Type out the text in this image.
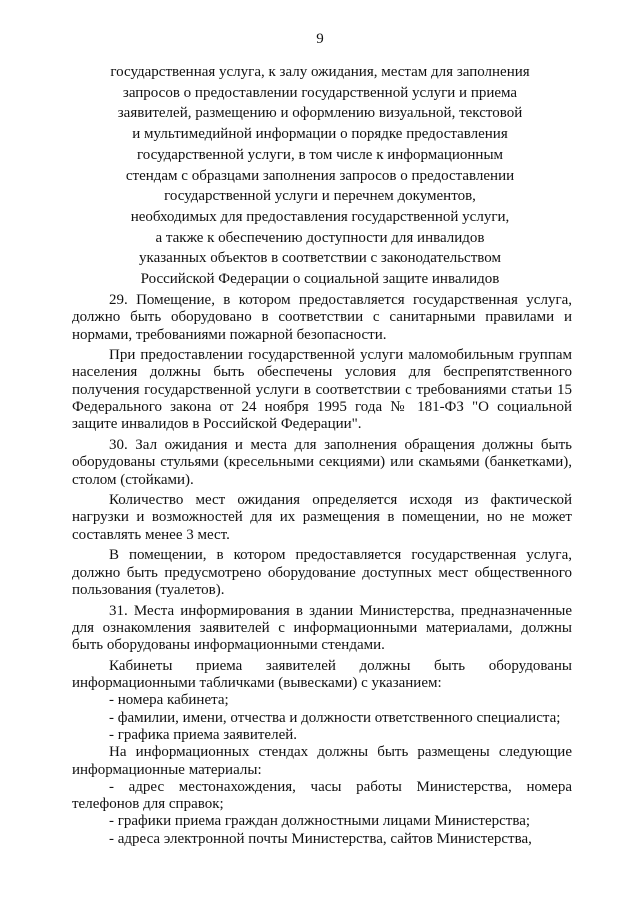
9
государственная услуга, к залу ожидания, местам для заполнения
запросов о предоставлении государственной услуги и приема
заявителей, размещению и оформлению визуальной, текстовой
и мультимедийной информации о порядке предоставления
государственной услуги, в том числе к информационным
стендам с образцами заполнения запросов о предоставлении
государственной услуги и перечнем документов,
необходимых для предоставления государственной услуги,
а также к обеспечению доступности для инвалидов
указанных объектов в соответствии с законодательством
Российской Федерации о социальной защите инвалидов

29. Помещение, в котором предоставляется государственная услуга, должно быть оборудовано в соответствии с санитарными правилами и нормами, требованиями пожарной безопасности.

При предоставлении государственной услуги маломобильным группам населения должны быть обеспечены условия для беспрепятственного получения государственной услуги в соответствии с требованиями статьи 15 Федерального закона от 24 ноября 1995 года № 181-ФЗ "О социальной защите инвалидов в Российской Федерации".

30. Зал ожидания и места для заполнения обращения должны быть оборудованы стульями (кресельными секциями) или скамьями (банкетками), столом (стойками).

Количество мест ожидания определяется исходя из фактической нагрузки и возможностей для их размещения в помещении, но не может составлять менее 3 мест.

В помещении, в котором предоставляется государственная услуга, должно быть предусмотрено оборудование доступных мест общественного пользования (туалетов).

31. Места информирования в здании Министерства, предназначенные для ознакомления заявителей с информационными материалами, должны быть оборудованы информационными стендами.

Кабинеты приема заявителей должны быть оборудованы информационными табличками (вывесками) с указанием:

- номера кабинета;

- фамилии, имени, отчества и должности ответственного специалиста;

- графика приема заявителей.

На информационных стендах должны быть размещены следующие информационные материалы:

- адрес местонахождения, часы работы Министерства, номера телефонов для справок;

- графики приема граждан должностными лицами Министерства;

- адреса электронной почты Министерства, сайтов Министерства,
